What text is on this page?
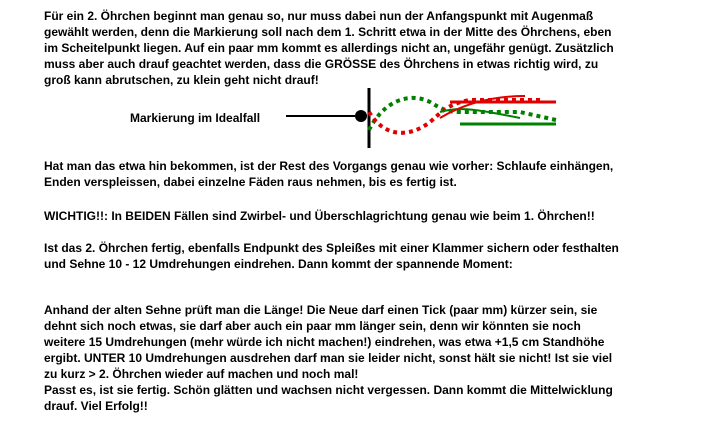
Für ein 2. Öhrchen beginnt man genau so, nur muss dabei nun der Anfangspunkt mit Augenmaß
gewählt werden, denn die Markierung soll nach dem 1. Schritt etwa in der Mitte des Öhrchens, eben
im Scheitelpunkt liegen. Auf ein paar mm kommt es allerdings nicht an, ungefähr genügt. Zusätzlich
muss aber auch drauf geachtet werden, dass die GRÖSSE des Öhrchens in etwas richtig wird, zu
groß kann abrutschen, zu klein geht nicht drauf!
Markierung im Idealfall
Hat man das etwa hin bekommen, ist der Rest des Vorgangs genau wie vorher: Schlaufe einhängen,
Enden verspleissen, dabei einzelne Fäden raus nehmen, bis es fertig ist.
WICHTIG!!: In BEIDEN Fällen sind Zwirbel- und Überschlagrichtung genau wie beim 1. Öhrchen!!
Ist das 2. Öhrchen fertig, ebenfalls Endpunkt des Spleißes mit einer Klammer sichern oder festhalten
und Sehne 10 - 12 Umdrehungen eindrehen. Dann kommt der spannende Moment:
Anhand der alten Sehne prüft man die Länge! Die Neue darf einen Tick (paar mm) kürzer sein, sie
dehnt sich noch etwas, sie darf aber auch ein paar mm länger sein, denn wir könnten sie noch
weitere 15 Umdrehungen (mehr würde ich nicht machen!) eindrehen, was etwa +1,5 cm Standhöhe
ergibt. UNTER 10 Umdrehungen ausdrehen darf man sie leider nicht, sonst hält sie nicht! Ist sie viel
zu kurz > 2. Öhrchen wieder auf machen und noch mal!
Passt es, ist sie fertig. Schön glätten und wachsen nicht vergessen. Dann kommt die Mittelwicklung
drauf. Viel Erfolg!!
